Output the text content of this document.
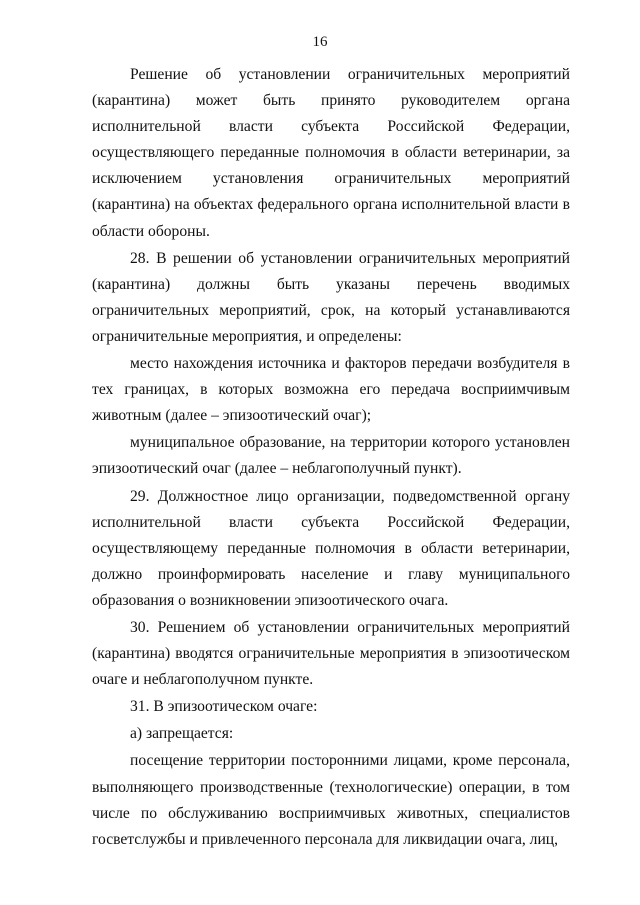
16

Решение об установлении ограничительных мероприятий (карантина) может быть принято руководителем органа исполнительной власти субъекта Российской Федерации, осуществляющего переданные полномочия в области ветеринарии, за исключением установления ограничительных мероприятий (карантина) на объектах федерального органа исполнительной власти в области обороны.

28. В решении об установлении ограничительных мероприятий (карантина) должны быть указаны перечень вводимых ограничительных мероприятий, срок, на который устанавливаются ограничительные мероприятия, и определены:

место нахождения источника и факторов передачи возбудителя в тех границах, в которых возможна его передача восприимчивым животным (далее – эпизоотический очаг);

муниципальное образование, на территории которого установлен эпизоотический очаг (далее – неблагополучный пункт).

29. Должностное лицо организации, подведомственной органу исполнительной власти субъекта Российской Федерации, осуществляющему переданные полномочия в области ветеринарии, должно проинформировать население и главу муниципального образования о возникновении эпизоотического очага.

30. Решением об установлении ограничительных мероприятий (карантина) вводятся ограничительные мероприятия в эпизоотическом очаге и неблагополучном пункте.

31. В эпизоотическом очаге:

а) запрещается:

посещение территории посторонними лицами, кроме персонала, выполняющего производственные (технологические) операции, в том числе по обслуживанию восприимчивых животных, специалистов госветслужбы и привлеченного персонала для ликвидации очага, лиц,
